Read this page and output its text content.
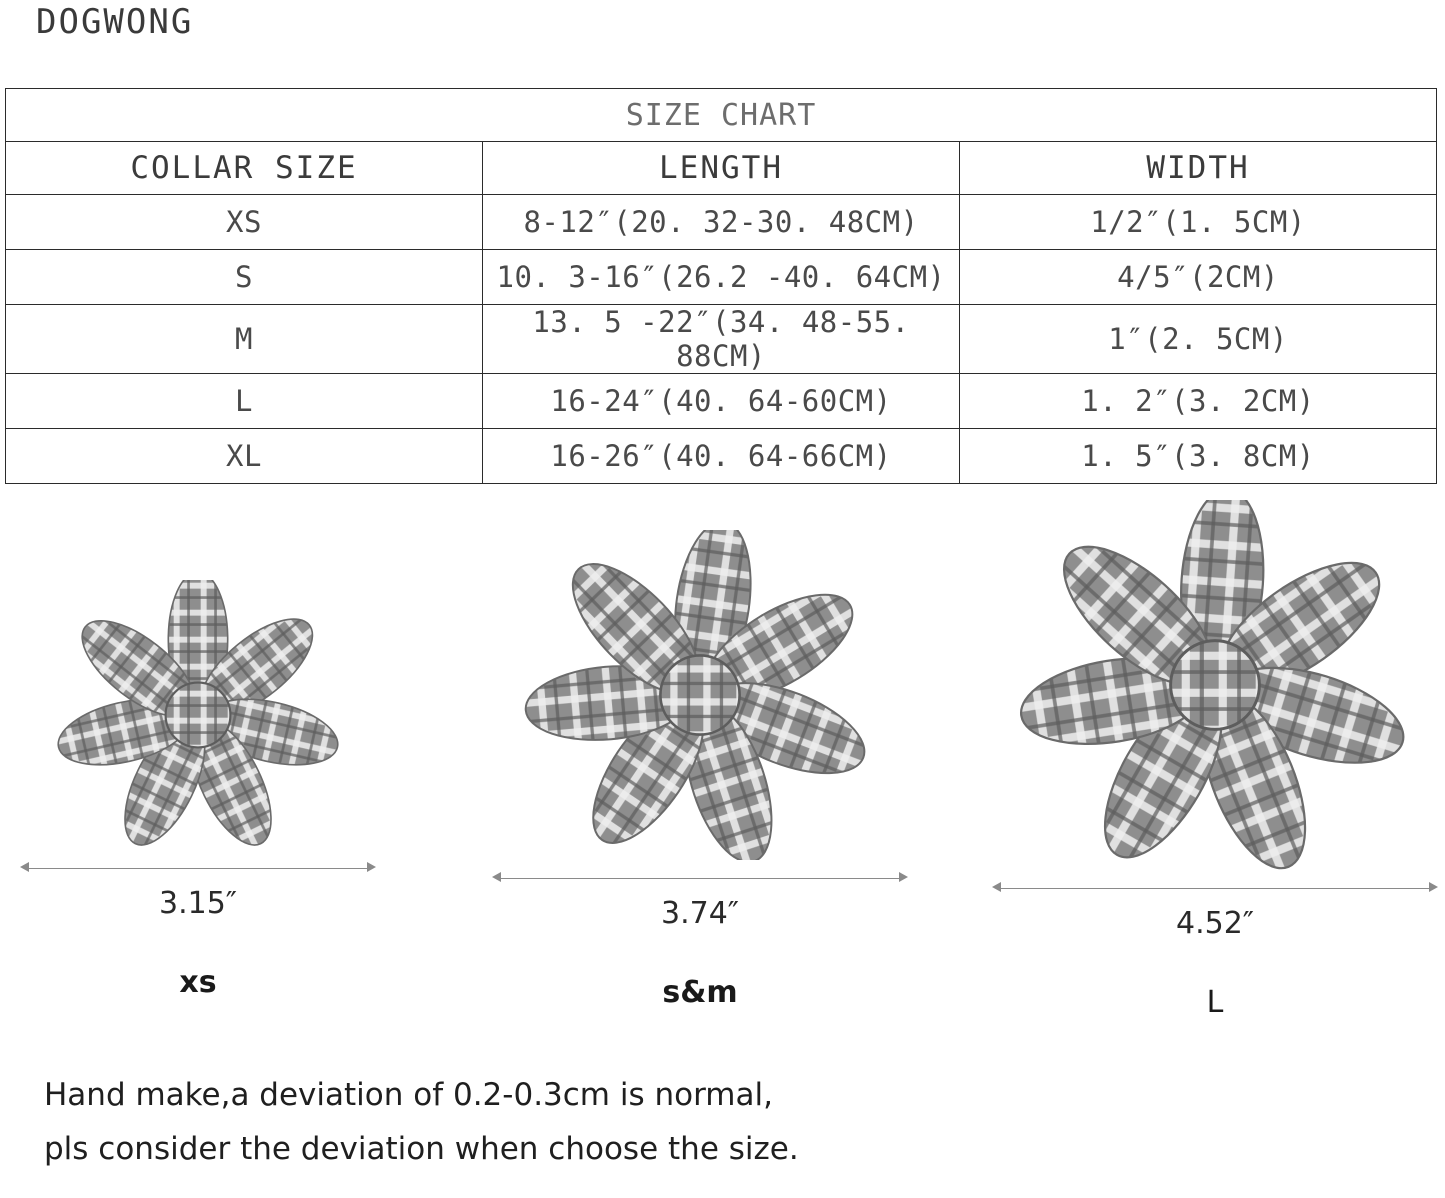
DOGWONG
SIZE CHART		
COLLAR SIZE	LENGTH	WIDTH
XS	8-12″(20. 32-30. 48CM)	1/2″(1. 5CM)
S	10. 3-16″(26.2 -40. 64CM)	4/5″(2CM)
M	13. 5 -22″(34. 48-55. 88CM)	1″(2. 5CM)
L	16-24″(40. 64-60CM)	1. 2″(3. 2CM)
XL	16-26″(40. 64-66CM)	1. 5″(3. 8CM)
3.15″
xs
3.74″
s&m
4.52″
L
Hand make,a deviation of 0.2-0.3cm is normal,
pls consider the deviation when choose the size.
